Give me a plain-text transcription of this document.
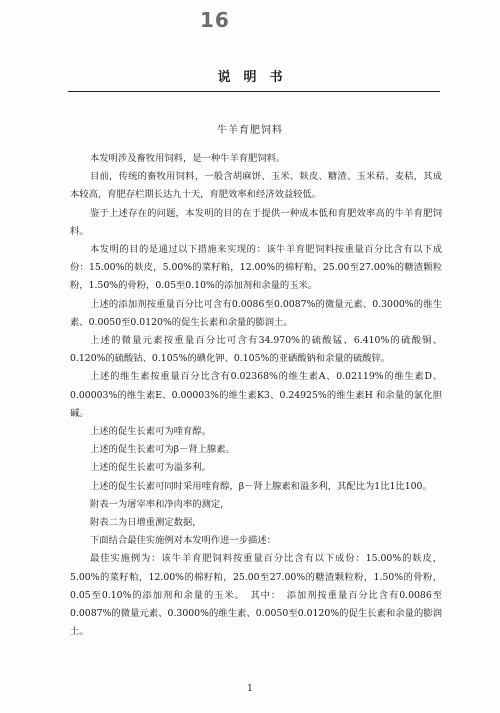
16
说　明　书
牛羊育肥饲料

本发明涉及畜牧用饲料，是一种牛羊育肥饲料。

目前，传统的畜牧用饲料，一般含胡麻饼、玉米、麸皮、糖渣、玉米秸、麦秸，其成本较高，育肥存栏期长达九十天，育肥效率和经济效益较低。

鉴于上述存在的问题，本发明的目的在于提供一种成本低和育肥效率高的牛羊育肥饲料。

本发明的目的是通过以下措施来实现的：该牛羊育肥饲料按重量百分比含有以下成份：15.00%的麸皮，5.00%的菜籽粕，12.00%的棉籽粕，25.00至27.00%的糖渣颗粒粉，1.50%的骨粉，0.05至0.10%的添加剂和余量的玉米。

上述的添加剂按重量百分比可含有0.0086至0.0087%的微量元素、0.3000%的维生素、0.0050至0.0120%的促生长素和余量的膨润土。

上述的微量元素按重量百分比可含有34.970%的硫酸锰、6.410%的硫酸铜、0.120%的硫酸钴、0.105%的碘化钾、0.105%的亚硒酸钠和余量的硫酸锌。

上述的维生素按重量百分比含有0.02368%的维生素A、0.02119%的维生素D、0.00003%的维生素E、0.00003%的维生素K3、0.24925%的维生素H 和余量的氯化胆碱。

上述的促生长素可为喹育醇。

上述的促生长素可为β－肾上腺素。

上述的促生长素可为溢多利。

上述的促生长素可同时采用喹育醇，β－肾上腺素和溢多利，其配比为1比1比100。

附表一为屠宰率和净肉率的测定，

附表二为日增重测定数据，

下面结合最佳实施例对本发明作进一步描述：

最佳实施例为：该牛羊育肥饲料按重量百分比含有以下成份：15.00%的麸皮，5.00%的菜籽粕，12.00%的棉籽粕，25.00至27.00%的糖渣颗粒粉，1.50%的骨粉，0.05至0.10%的添加剂和余量的玉米。　其中：　添加剂按重量百分比含有0.0086至0.0087%的微量元素、0.3000%的维生素、0.0050至0.0120%的促生长素和余量的膨润土。

1
